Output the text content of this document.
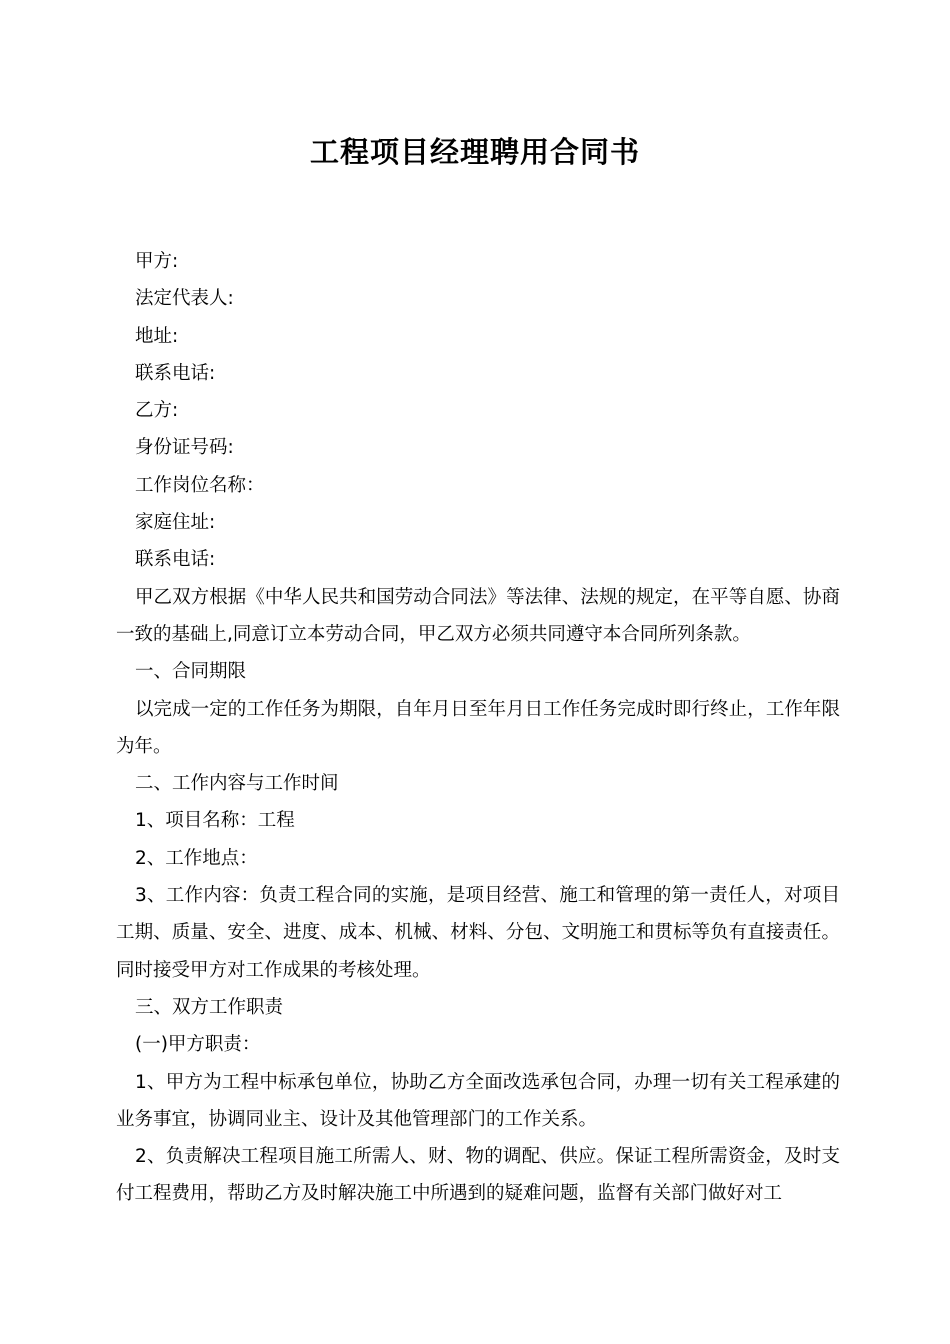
工程项目经理聘用合同书

甲方:

法定代表人:

地址:

联系电话:

乙方:

身份证号码:

工作岗位名称：

家庭住址:

联系电话:

甲乙双方根据《中华人民共和国劳动合同法》等法律、法规的规定，在平等自愿、协商一致的基础上,同意订立本劳动合同，甲乙双方必须共同遵守本合同所列条款。

一、合同期限

以完成一定的工作任务为期限，自年月日至年月日工作任务完成时即行终止，工作年限为年。

二、工作内容与工作时间

1、项目名称：工程

2、工作地点：

3、工作内容：负责工程合同的实施，是项目经营、施工和管理的第一责任人，对项目工期、质量、安全、进度、成本、机械、材料、分包、文明施工和贯标等负有直接责任。同时接受甲方对工作成果的考核处理。

三、双方工作职责

(一)甲方职责：

1、甲方为工程中标承包单位，协助乙方全面改选承包合同，办理一切有关工程承建的业务事宜，协调同业主、设计及其他管理部门的工作关系。

2、负责解决工程项目施工所需人、财、物的调配、供应。保证工程所需资金，及时支付工程费用，帮助乙方及时解决施工中所遇到的疑难问题，监督有关部门做好对工
